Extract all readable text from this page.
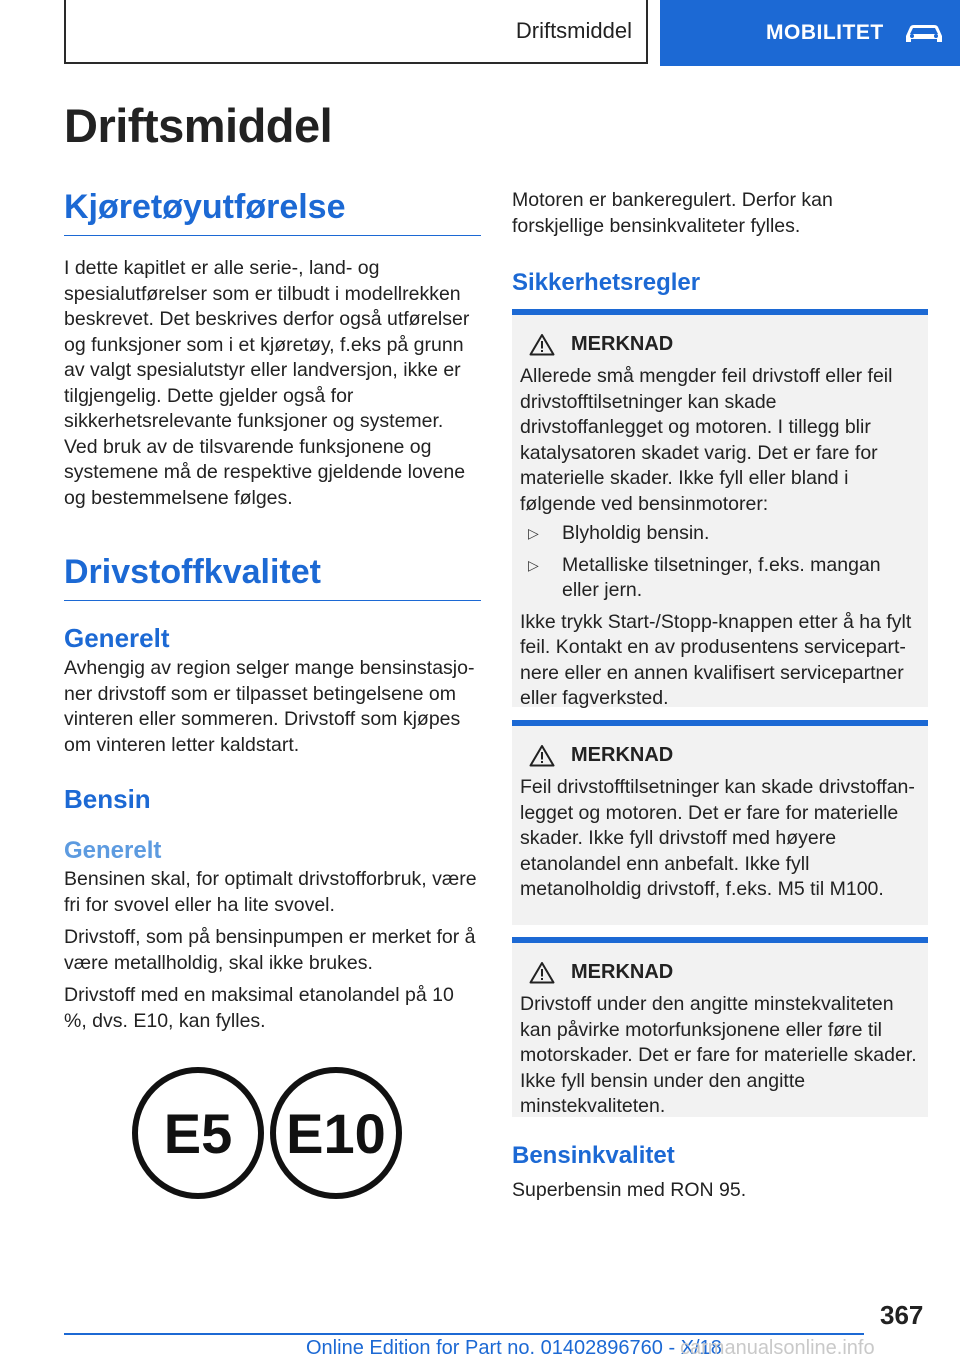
Driftsmiddel	MOBILITET
Driftsmiddel
Kjøretøyutførelse

I dette kapitlet er alle serie-, land- og spesialutførelser som er tilbudt i modellrekken beskrevet. Det beskrives derfor også utførelser og funksjoner som i et kjøretøy, f.eks på grunn av valgt spesialutstyr eller landversjon, ikke er tilgjengelig. Dette gjelder også for sikkerhetsrelevante funksjoner og systemer. Ved bruk av de tilsvarende funksjonene og systemene må de respektive gjeldende lovene og bestemmelsene følges.

Drivstoffkvalitet
Generelt

Avhengig av region selger mange bensinstasjoner drivstoff som er tilpasset betingelsene om vinteren eller sommeren. Drivstoff som kjøpes om vinteren letter kaldstart.

Bensin
Generelt

Bensinen skal, for optimalt drivstofforbruk, være fri for svovel eller ha lite svovel.

Drivstoff, som på bensinpumpen er merket for å være metallholdig, skal ikke brukes.

Drivstoff med en maksimal etanolandel på 10 %, dvs. E10, kan fylles.

E5 E10

Motoren er bankeregulert. Derfor kan forskjellige bensinkvaliteter fylles.

Sikkerhetsregler
MERKNAD

Allerede små mengder feil drivstoff eller feil drivstofftilsetninger kan skade drivstoffanlegget og motoren. I tillegg blir katalysatoren skadet varig. Det er fare for materielle skader. Ikke fyll eller bland i følgende ved bensinmotorer:

▷	Blyholdig bensin.
▷	Metalliske tilsetninger, f.eks. mangan eller jern.

Ikke trykk Start-/Stopp-knappen etter å ha fylt feil. Kontakt en av produsentens servicepartnere eller en annen kvalifisert servicepartner eller fagverksted.

MERKNAD

Feil drivstofftilsetninger kan skade drivstoffanlegget og motoren. Det er fare for materielle skader. Ikke fyll drivstoff med høyere etanolandel enn anbefalt. Ikke fyll metanolholdig drivstoff, f.eks. M5 til M100.

MERKNAD

Drivstoff under den angitte minstekvaliteten kan påvirke motorfunksjonene eller føre til motorskader. Det er fare for materielle skader. Ikke fyll bensin under den angitte minstekvaliteten.

Bensinkvalitet

Superbensin med RON 95.

367
Online Edition for Part no. 01402896760 - X/18
carmanualsonline.info
